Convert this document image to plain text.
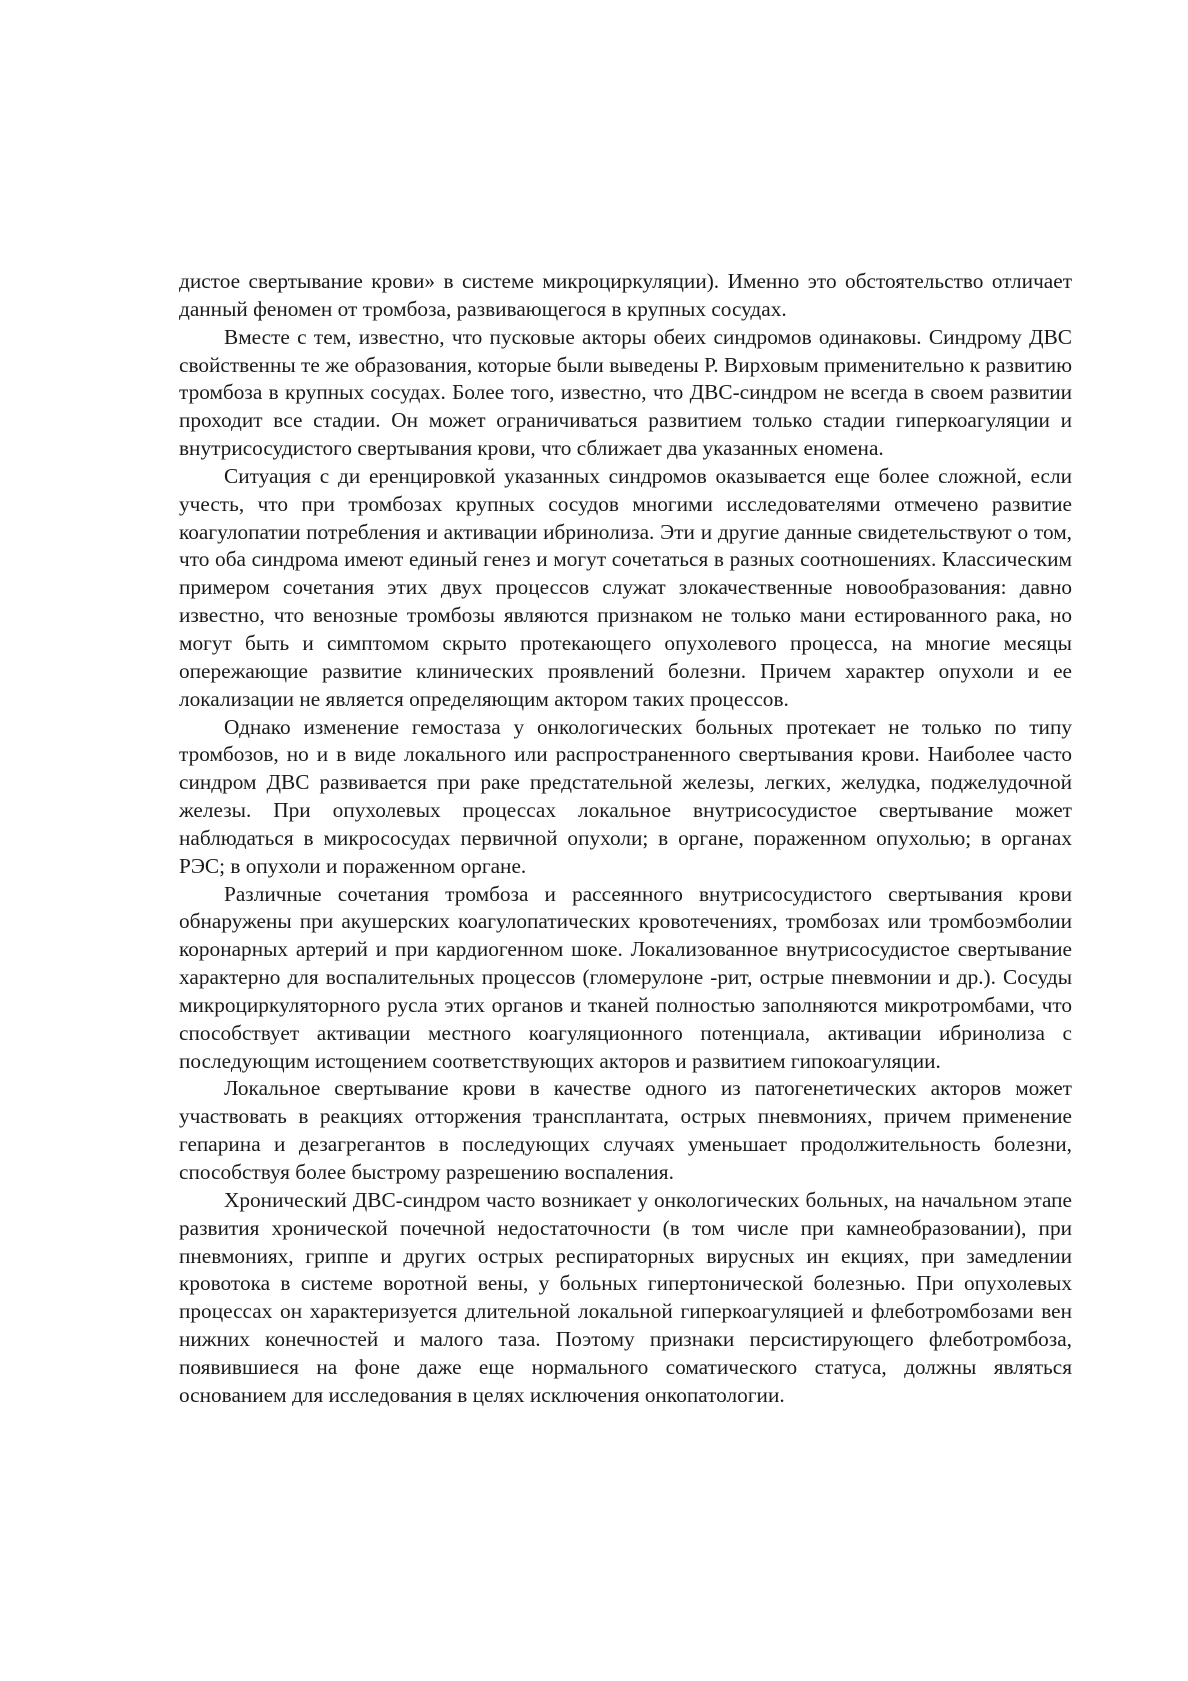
дистое свертывание крови» в системе микроциркуляции). Именно это обстоятельство отличает данный феномен от тромбоза, развивающегося в крупных сосудах.

Вместе с тем, известно, что пусковые акторы обеих синдромов одинаковы. Синдрому ДВС свойственны те же образования, которые были выведены Р. Вирховым применительно к развитию тромбоза в крупных сосудах. Более того, известно, что ДВС-синдром не всегда в своем развитии проходит все стадии. Он может ограничиваться развитием только стадии гиперкоагуляции и внутрисосудистого свертывания крови, что сближает два указанных еномена.

Ситуация с ди еренцировкой указанных синдромов оказывается еще более сложной, если учесть, что при тромбозах крупных сосудов многими исследователями отмечено развитие коагулопатии потребления и активации ибринолиза. Эти и другие данные свидетельствуют о том, что оба синдрома имеют единый генез и могут сочетаться в разных соотношениях. Классическим примером сочетания этих двух процессов служат злокачественные новообразования: давно известно, что венозные тромбозы являются признаком не только мани естированного рака, но могут быть и симптомом скрыто протекающего опухолевого процесса, на многие месяцы опережающие развитие клинических проявлений болезни. Причем характер опухоли и ее локализации не является определяющим актором таких процессов.

Однако изменение гемостаза у онкологических больных протекает не только по типу тромбозов, но и в виде локального или распространенного свертывания крови. Наиболее часто синдром ДВС развивается при раке предстательной железы, легких, желудка, поджелудочной железы. При опухолевых процессах локальное внутрисосудистое свертывание может наблюдаться в микрососудах первичной опухоли; в органе, пораженном опухолью; в органах РЭС; в опухоли и пораженном органе.

Различные сочетания тромбоза и рассеянного внутрисосудистого свертывания крови обнаружены при акушерских коагулопатических кровотечениях, тромбозах или тромбоэмболии коронарных артерий и при кардиогенном шоке. Локализованное внутрисосудистое свертывание характерно для воспалительных процессов (гломерулоне -рит, острые пневмонии и др.). Сосуды микроциркуляторного русла этих органов и тканей полностью заполняются микротромбами, что способствует активации местного коагуляционного потенциала, активации ибринолиза с последующим истощением соответствующих акторов и развитием гипокоагуляции.

Локальное свертывание крови в качестве одного из патогенетических акторов может участвовать в реакциях отторжения трансплантата, острых пневмониях, причем применение гепарина и дезагрегантов в последующих случаях уменьшает продолжительность болезни, способствуя более быстрому разрешению воспаления.

Хронический ДВС-синдром часто возникает у онкологических больных, на начальном этапе развития хронической почечной недостаточности (в том числе при камнеобразовании), при пневмониях, гриппе и других острых респираторных вирусных ин екциях, при замедлении кровотока в системе воротной вены, у больных гипертонической болезнью. При опухолевых процессах он характеризуется длительной локальной гиперкоагуляцией и флеботромбозами вен нижних конечностей и малого таза. Поэтому признаки персистирующего флеботромбоза, появившиеся на фоне даже еще нормального соматического статуса, должны являться основанием для исследования в целях исключения онкопатологии.
